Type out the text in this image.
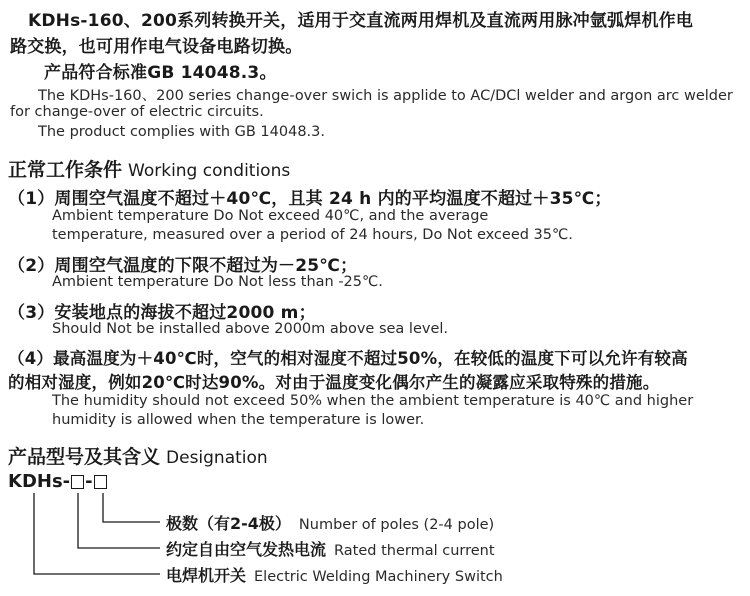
KDHs-160、200系列转换开关，适用于交直流两用焊机及直流两用脉冲氩弧焊机作电
路交换，也可用作电气设备电路切换。
产品符合标准GB 14048.3。
The KDHs-160、200 series change-over swich is applide to AC/DCl welder and argon arc welder
for change-over of electric circuits.
The product complies with GB 14048.3.
正常工作条件 Working conditions
（1）周围空气温度不超过＋40℃，且其 24 h 内的平均温度不超过＋35℃；
Ambient temperature Do Not exceed 40℃, and the average
temperature, measured over a period of 24 hours, Do Not exceed 35℃.
（2）周围空气温度的下限不超过为－25℃；
Ambient temperature Do Not less than -25℃.
（3）安装地点的海拔不超过2000 m；
Should Not be installed above 2000m above sea level.
（4）最高温度为＋40℃时，空气的相对湿度不超过50%，在较低的温度下可以允许有较高
的相对湿度，例如20℃时达90%。对由于温度变化偶尔产生的凝露应采取特殊的措施。
The humidity should not exceed 50% when the ambient temperature is 40℃ and higher
humidity is allowed when the temperature is lower.
产品型号及其含义 Designation
KDHs- -
极数（有2-4极） Number of poles (2-4 pole)
约定自由空气发热电流 Rated thermal current
电焊机开关 Electric Welding Machinery Switch
